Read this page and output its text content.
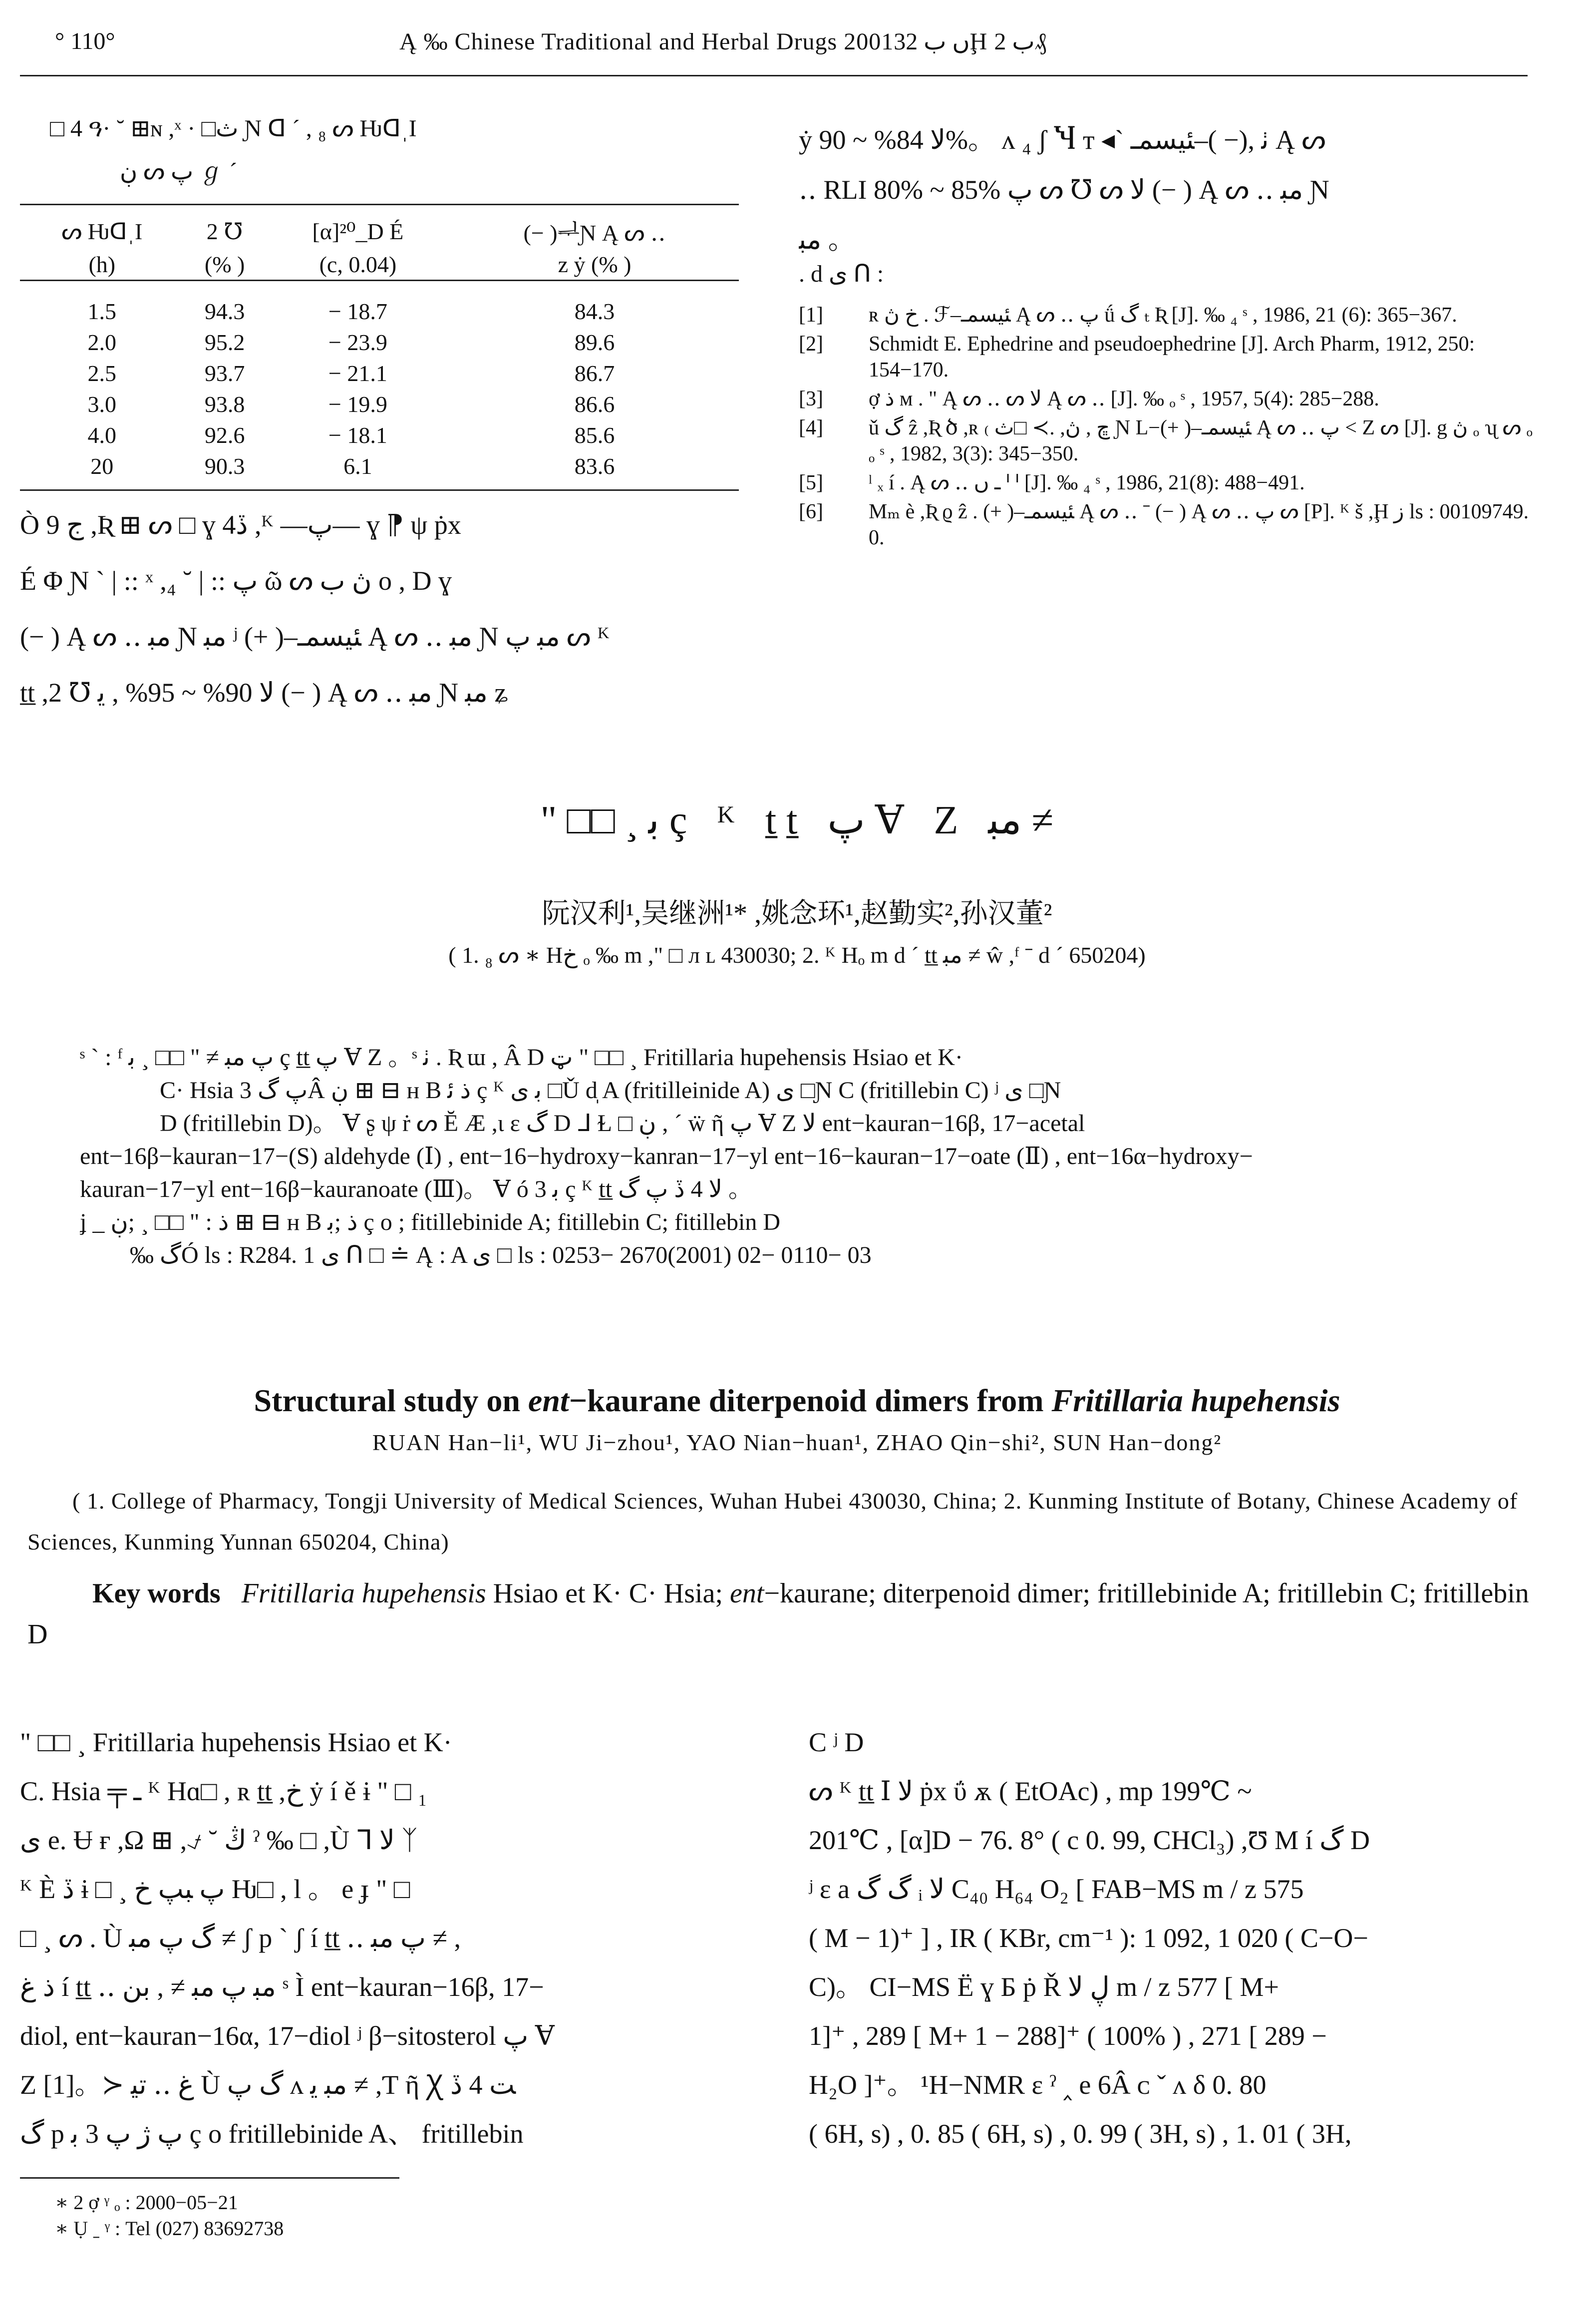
° 110°	Ą ‰ Chinese Traditional and Herbal Drugs 2001ں ب 32Ḩ ب 2₰
□ 4 ዓ· ˘ ⊞ɴ ,ˣ · □ث Ɲ ᗡ ˊ , ₈ ᔕ ǶᗡˌI
ڹ ᔕ پ ℊ ˊ
ᔕ ǶᗡˌI	2 ℧	[α]²⁰_D É	(− )ᆗƝ Ą ᔕ ‥
(h)	(% )	(c, 0.04)	z ẏ (% )

1.5	94.3	− 18.7	84.3
2.0	95.2	− 23.9	89.6
2.5	93.7	− 21.1	86.7
3.0	93.8	− 19.9	86.6
4.0	92.6	− 18.1	85.6
20	90.3	6.1	83.6
Ò 9 ج ,Ʀ ⊞ ᔕ □ ɣ 4ڏ ,ᴷ ―پ― ɣ ⁋ ψ ṗx
É Φ Ɲ ˋ | :: ˣ ,₄ ˘ | :: پ ῶ ᔕ ڽ ب o , D ɣ
(− ) Ą ᔕ ‥ ﻣﺒ Ɲ ﻣﺒ ʲ (+ )‒ﺌﻴﺴﻤـ Ą ᔕ ‥ ﻣﺒ Ɲ ﻣﺒ پ ᔕ ᴷ
ṯṯ ,2 ℧ ﻻ 90% ~ 95% , ﻳ (− ) Ą ᔕ ‥ ﻣﺒ Ɲ ﻣﺒ ʑ
ẏ ﻻ 84% ~ 90%。 ᴧ ₄ ʃ Ⴏ ᴛ ◂ˋ ﭠ ,(− )‒ﺌﻴﺴﻤـ Ą ᔕ
‥ RLI 80% ~ 85% پ ᔕ ℧ ᔕ ﻻ (− ) Ą ᔕ ‥ ﻣﺒ Ɲ
ﻣﺒ 。
. d ى ᑎ :
[1] ʀ خ ڽ . ℱ‒ﺌﻴﺴﻤـ Ą ᔕ ‥ پ ǘ گ ₜ Ʀ [J]. ‰ ₄ ˢ , 1986, 21 (6): 365−367.
[2] Schmidt E. Ephedrine and pseudoephedrine [J]. Arch Pharm, 1912, 250: 154−170.
[3] ợ ذ ᴍ . " Ą ᔕ ‥ ᔕ ﻻ Ą ᔕ ‥ [J]. ‰ ₒ ˢ , 1957, 5(4): 285−288.
[4] ǔ گ ẑ ,Ʀ ծ ,ʀ ₍ ڇ , ڽ, .≻ □ث Ɲ L−(+ )‒ﺌﻴﺴﻤـ Ą ᔕ ‥ پ ˂ Ζ ᔕ [J]. g ڽ ₒ ʯ ᔕ ₒ ₒ ˢ , 1982, 3(3): 345−350.
[5] ˡ ₓ í . Ą ᔕ ‥ ـ ں ᑊ ᑊ [J]. ‰ ₄ ˢ , 1986, 21(8): 488−491.
[6] Mₘ è ,Ʀ ϱ ẑ . (+ )‒ﺌﻴﺴﻤـ Ą ᔕ ‥ ˉ (− ) Ą ᔕ ‥ پ ᔕ [P]. ᴷ š ,Ḩ ﺯ ls : 00109749. 0.
" □□ ¸ ﺑ ç ᴷ ṯṯ پ Ɐ Ζ ﻣﺒ ≠
阮汉利¹,吴继洲¹* ,姚念环¹,赵勤实²,孙汉董²
( 1. ₈ ᔕ ∗ Hخ ₒ ‰ m ," □ ᴫ ʟ 430030; 2. ᴷ Hₒ m d ˊ ṯṯ ﻣﺒ ≠ ŵ ,ᶠ ˉ d ˊ 650204)
ˢ ˋ : ᶠ پ ﻣﺒ ≠ " □□ ¸ ﺑ ç ṯṯ پ Ɐ Ζ 。ˢ ﭠ . Ʀ ɯ , Â D ټ " □□ ¸ Fritillaria hupehensis Hsiao et K·
C· Hsia پ گ 3Â ڹ ⊞ ⊟ ʜ B ذ ﺋ ç ᴷ ﺑ ى □Ǔ d̩ A (fritilleinide A) ى □Ɲ C (fritillebin C) ʲ ى □Ɲ
D (fritillebin D)。 Ɐ ʂ ψ ṙ ᔕ Ĕ Æ ,ι ɛ گ D ᒧ Ɫ □ ڹ , ˊ ẅ ῆ پ Ɐ Ζ ﻻ ent−kauran−16β, 17−acetal
ent−16β−kauran−17−(S) aldehyde (Ⅰ) , ent−16−hydroxy−kanran−17−yl ent−16−kauran−17−oate (Ⅱ) , ent−16α−hydroxy−
kauran−17−yl ent−16β−kauranoate (Ⅲ)。 Ɐ ó 3 ﺑ ç ᴷ ṯṯ ﻻ 4 ڏ پ گ 。
ʝ _ ﺫ : " □□ ¸ ;ڹ ⊞ ⊟ ʜ B ذ ;ﺑ ç o ; fitillebinide A; fitillebin C; fitillebin D
‰ گÓ ls : R284. 1 ى ᑎ □ ≐ Ą : A ى □ ls : 0253− 2670(2001) 02− 0110− 03
Structural study on ent−kaurane diterpenoid dimers from Fritillaria hupehensis
RUAN Han−li¹, WU Ji−zhou¹, YAO Nian−huan¹, ZHAO Qin−shi², SUN Han−dong²
( 1. College of Pharmacy, Tongji University of Medical Sciences, Wuhan Hubei 430030, China; 2. Kunming Institute of Botany, Chinese Academy of Sciences, Kunming Yunnan 650204, China)
Key words Fritillaria hupehensis Hsiao et K· C· Hsia; ent−kaurane; diterpenoid dimer; fritillebinide A; fritillebin C; fritillebin D
" □□ ¸ Fritillaria hupehensis Hsiao et K·
C. Hsia ╤ ـ ᴷ Hɑ□ , ʀ ṯṯ ,خ ẏ í ě ɨ " □ ₁
ى e. Ʉ ғ ,Ω ⊞ ,⍻ ˘ ڭ ˀ ‰ □ ,Ù ᒣ ﻻ ᛉ
ᴷ È ڏ ɨ □ ¸ پ ﺒﭗ خ Ƕ□ , l 。 e ɟ " □
□ ¸ ᔕ . Ù گ پ ﻣﺒ ≠ ʃ p ˋ ʃ í ṯṯ ‥ پ ﻣﺒ ≠ ,
ﺫ ﻍ í ṯṯ ‥ ﻣﺒ پ ﻣﺒ ≠ , ﺑﻦ ˢ Ì ent−kauran−16β, 17−
diol, ent−kauran−16α, 17−diol ʲ β−sitosterol پ Ɐ
Ζ [1]。≻ ﻍ ‥ ﺗﻴ Ù گ پ ᴧ ﻣﺒ ﻳ ≠ ,Ƭ ῆ Ꭓ ﺖ 4 ڏ
گ p پ ژ پ 3 ﺑ ç o fritillebinide A、 fritillebin
C ʲ D
ᔕ ᴷ ṯṯ Ⅰ ﻻ ṗx ΰ ѫ ( EtOAc) , mp 199℃ ~
201℃ , [α]D − 76. 8° ( c 0. 99, CHCl₃) ,Ʊ M í گ D
ʲ ɛ a گ گ ᵢ ﻻ C₄₀ H₆₄ O₂ [ FAB−MS m / z 575
( M − 1)⁺ ] , IR ( KBr, cm⁻¹ ): 1 092, 1 020 ( C−O−
C)。 CI−MS Ë ɣ Б ṗ Ř ڸ ﻻ m / z 577 [ M+
1]⁺ , 289 [ M+ 1 − 288]⁺ ( 100% ) , 271 [ 289 −
H₂O ]⁺。 ¹H−NMR ɛ ˀ ‸ e 6Â ᴄ ˇ ᴧ δ 0. 80
( 6H, s) , 0. 85 ( 6H, s) , 0. 99 ( 3H, s) , 1. 01 ( 3H,
∗ 2 ợ ᵞ ₒ : 2000−05−21
∗ Ụ ˍ ᵞ : Tel (027) 83692738
